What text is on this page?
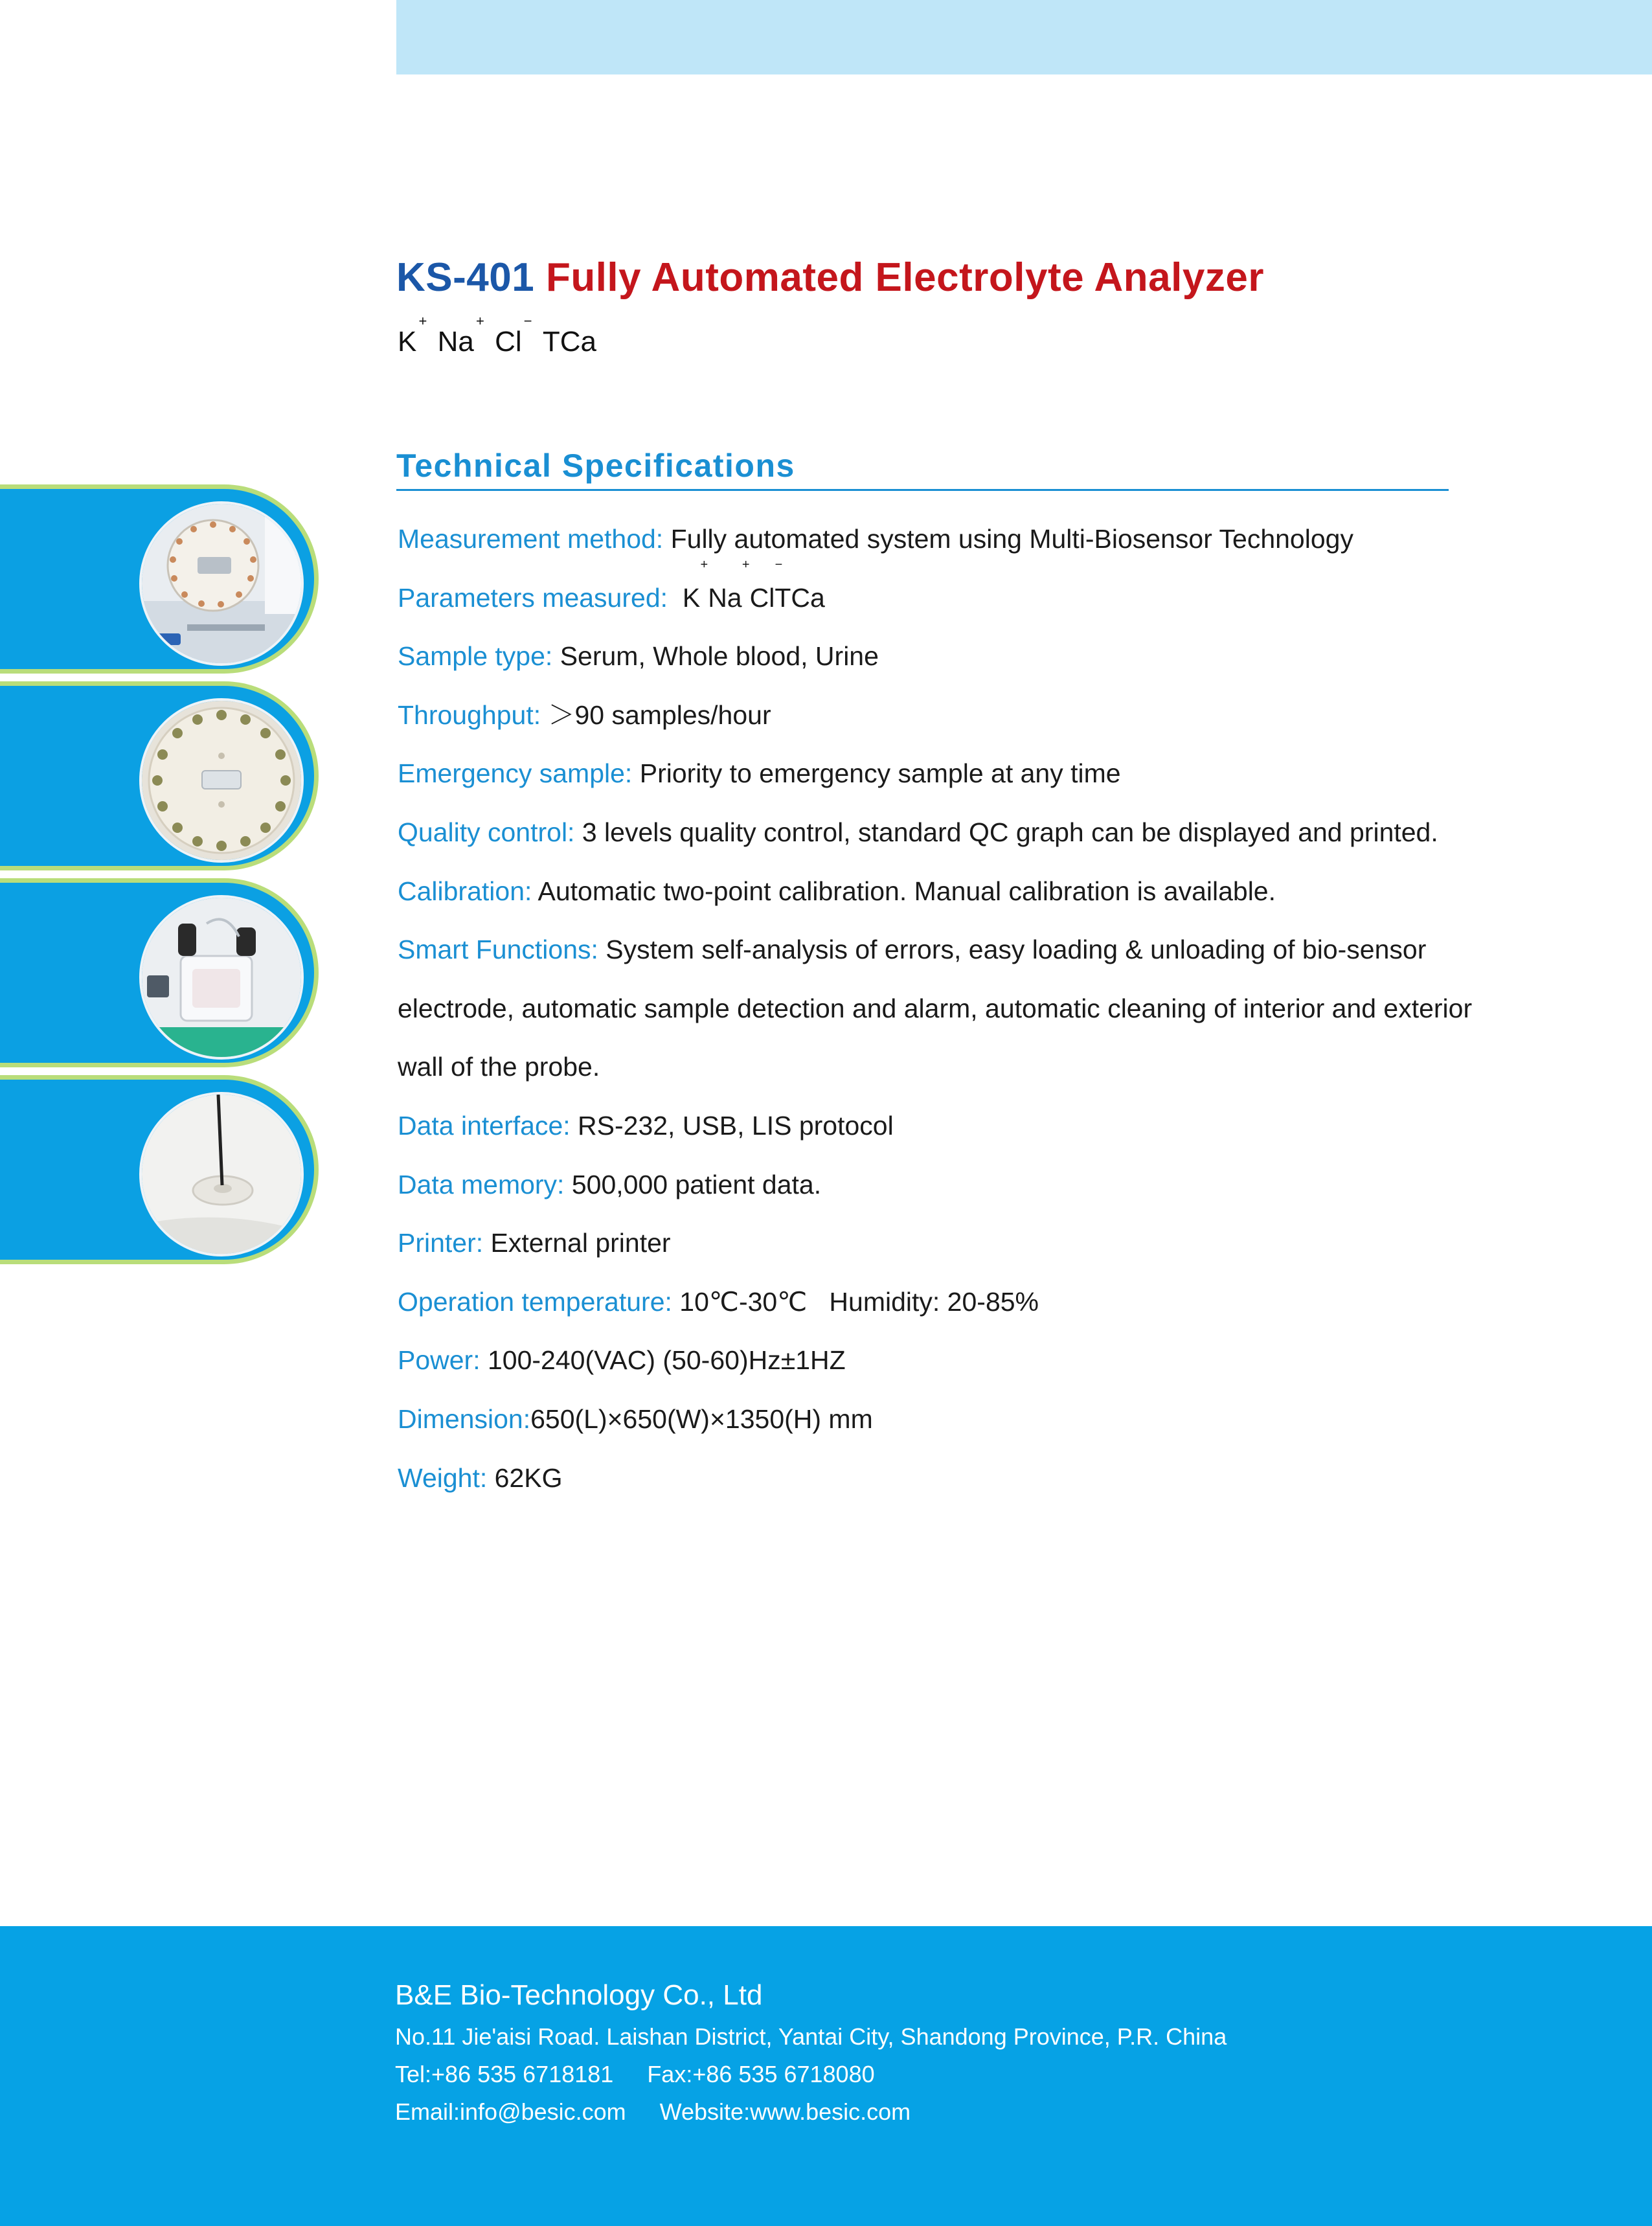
KS-401 Fully Automated Electrolyte Analyzer
K
+
Na
+
Cl
−
TCa
Technical Specifications

Measurement method: Fully automated system using Multi-Biosensor Technology

Parameters measured: K
+
Na
+
Cl
−
TCa

Sample type: Serum, Whole blood, Urine

Throughput: ＞90 samples/hour

Emergency sample: Priority to emergency sample at any time

Quality control: 3 levels quality control, standard QC graph can be displayed and printed.

Calibration: Automatic two-point calibration. Manual calibration is available.

Smart Functions: System self-analysis of errors, easy loading & unloading of bio-sensor electrode, automatic sample detection and alarm, automatic cleaning of interior and exterior wall of the probe.

Data interface: RS-232, USB, LIS protocol

Data memory: 500,000 patient data.

Printer: External printer

Operation temperature: 10℃-30℃   Humidity: 20-85%

Power: 100-240(VAC) (50-60)Hz±1HZ

Dimension:650(L)×650(W)×1350(H) mm

Weight: 62KG

B&E Bio-Technology Co., Ltd
No.11 Jie'aisi Road. Laishan District, Yantai City, Shandong Province, P.R. China
Tel:+86 535 6718181 Fax:+86 535 6718080
Email:info@besic.com Website:www.besic.com
